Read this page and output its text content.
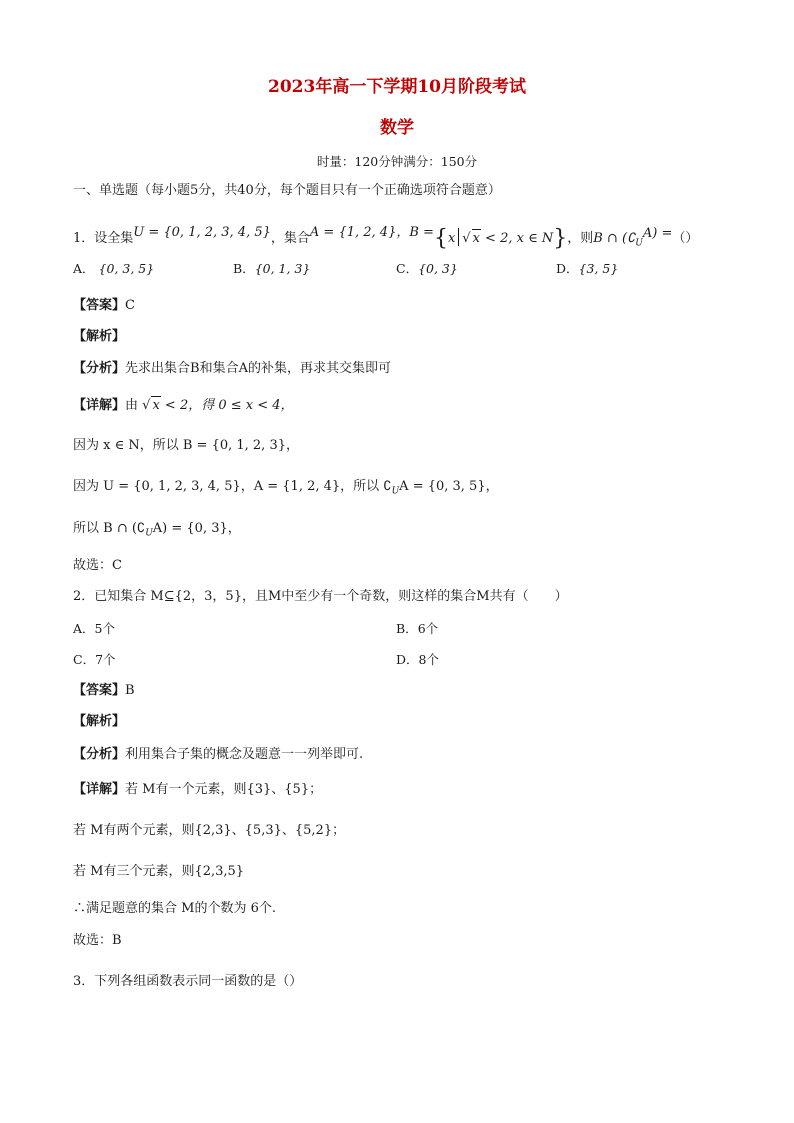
2023年高一下学期10月阶段考试
数学
时量：120分钟满分：150分
一、单选题（每小题5分，共40分，每个题目只有一个正确选项符合题意）
1．设全集U = {0, 1, 2, 3, 4, 5}，集合A = {1, 2, 4}，B ={x √ x < 2, x ∈ N}，则B ∩ $(∁_UA)$ =（）
A． {0, 3, 5}	B．{0, 1, 3}	C．{0, 3}	D．{3, 5}
【答案】C
【解析】
【分析】先求出集合B和集合A的补集，再求其交集即可
【详解】由 √ x < 2，得 0 ≤ x < 4，
因为 x ∈ N，所以 B = {0, 1, 2, 3}，
因为 U = {0, 1, 2, 3, 4, 5}，A = {1, 2, 4}，所以 $∁_UA = \{0$, 3, 5}，
所以 B ∩ $(∁_UA) = \{0$, 3}，
故选：C
2．已知集合 M⊆{2，3，5}，且M中至少有一个奇数，则这样的集合M共有（　　）
A．5个	B．6个
C．7个	D．8个
【答案】B
【解析】
【分析】利用集合子集的概念及题意一一列举即可.
【详解】若 M有一个元素，则{3}、{5}；
若 M有两个元素，则{2,3}、{5,3}、{5,2}；
若 M有三个元素，则{2,3,5}
∴满足题意的集合 M的个数为 6个.
故选：B
3．下列各组函数表示同一函数的是（）
